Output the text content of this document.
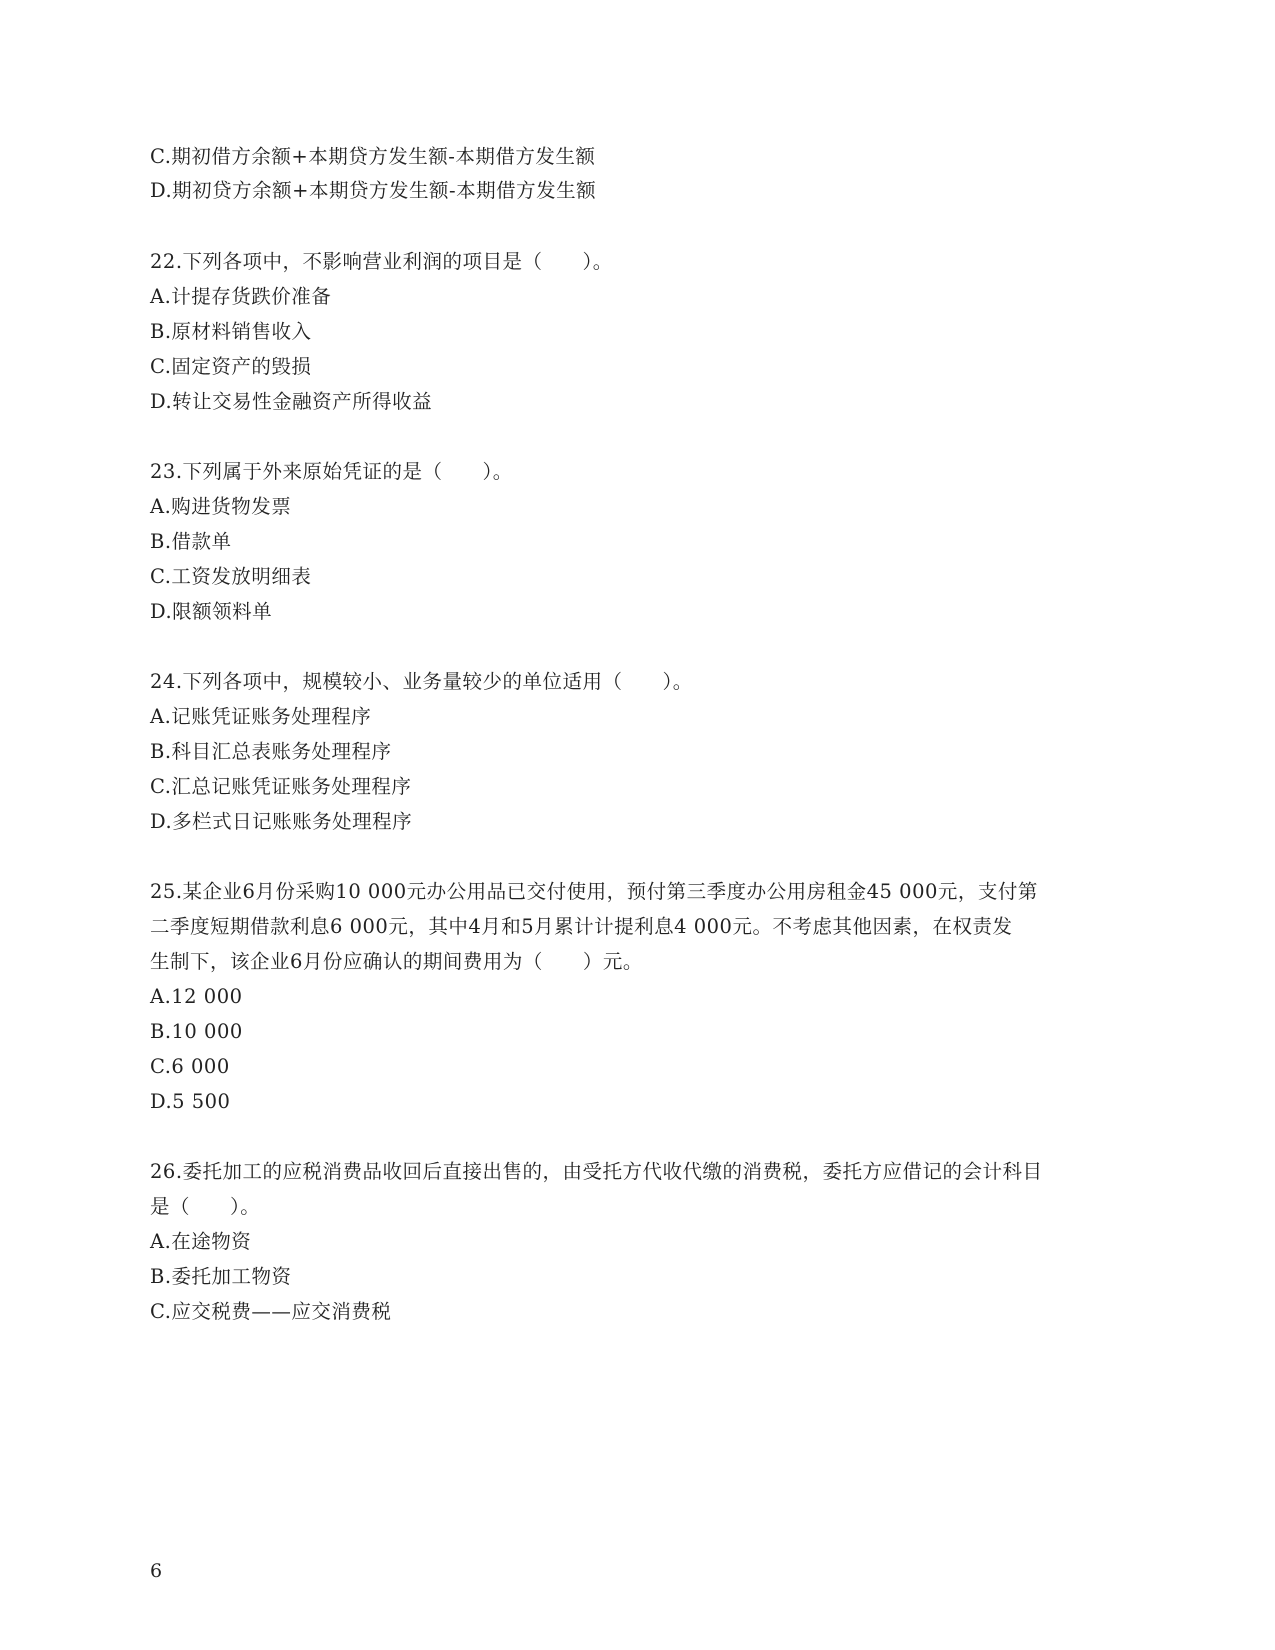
C.期初借方余额+本期贷方发生额-本期借方发生额
D.期初贷方余额+本期贷方发生额-本期借方发生额
22.下列各项中，不影响营业利润的项目是（　　）。
A.计提存货跌价准备
B.原材料销售收入
C.固定资产的毁损
D.转让交易性金融资产所得收益
23.下列属于外来原始凭证的是（　　）。
A.购进货物发票
B.借款单
C.工资发放明细表
D.限额领料单
24.下列各项中，规模较小、业务量较少的单位适用（　　）。
A.记账凭证账务处理程序
B.科目汇总表账务处理程序
C.汇总记账凭证账务处理程序
D.多栏式日记账账务处理程序
25.某企业6月份采购10 000元办公用品已交付使用，预付第三季度办公用房租金45 000元，支付第
二季度短期借款利息6 000元，其中4月和5月累计计提利息4 000元。不考虑其他因素，在权责发
生制下，该企业6月份应确认的期间费用为（　　）元。
A.12 000
B.10 000
C.6 000
D.5 500
26.委托加工的应税消费品收回后直接出售的，由受托方代收代缴的消费税，委托方应借记的会计科目
是（　　）。
A.在途物资
B.委托加工物资
C.应交税费——应交消费税
6
